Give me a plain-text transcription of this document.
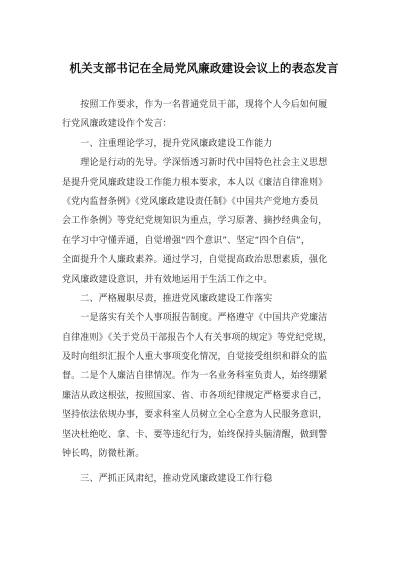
机关支部书记在全局党风廉政建设会议上的表态发言
　　按照工作要求，作为一名普通党员干部，现将个人今后如何履
行党风廉政建设作个发言：
　　一、注重理论学习，提升党风廉政建设工作能力
　　理论是行动的先导。学深悟透习新时代中国特色社会主义思想
是提升党风廉政建设工作能力根本要求，本人以《廉洁自律准则》
《党内监督条例》《党风廉政建设责任制》《中国共产党地方委员
会工作条例》等党纪党规知识为重点，学习原著、摘抄经典金句，
在学习中守懂弄通，自觉增强“四个意识”、坚定“四个自信”，
全面提升个人廉政素养。通过学习，自觉提高政治思想素质，强化
党风廉政建设意识，并有效地运用于生活工作之中。
　　二、严格履职尽责，推进党风廉政建设工作落实
　　一是落实有关个人事项报告制度。严格遵守《中国共产党廉洁
自律准则》《关于党员干部报告个人有关事项的规定》等党纪党规，
及时向组织汇报个人重大事项变化情况，自觉接受组织和群众的监
督。二是个人廉洁自律情况。作为一名业务科室负责人，始终绷紧
廉洁从政这根弦，按照国家、省、市各项纪律规定严格要求自己，
坚持依法依规办事，要求科室人员树立全心全意为人民服务意识，
坚决杜绝吃、拿、卡、要等违纪行为，始终保持头脑清醒，做到警
钟长鸣，防微杜渐。
　　三、严抓正风肃纪，推动党风廉政建设工作行稳
